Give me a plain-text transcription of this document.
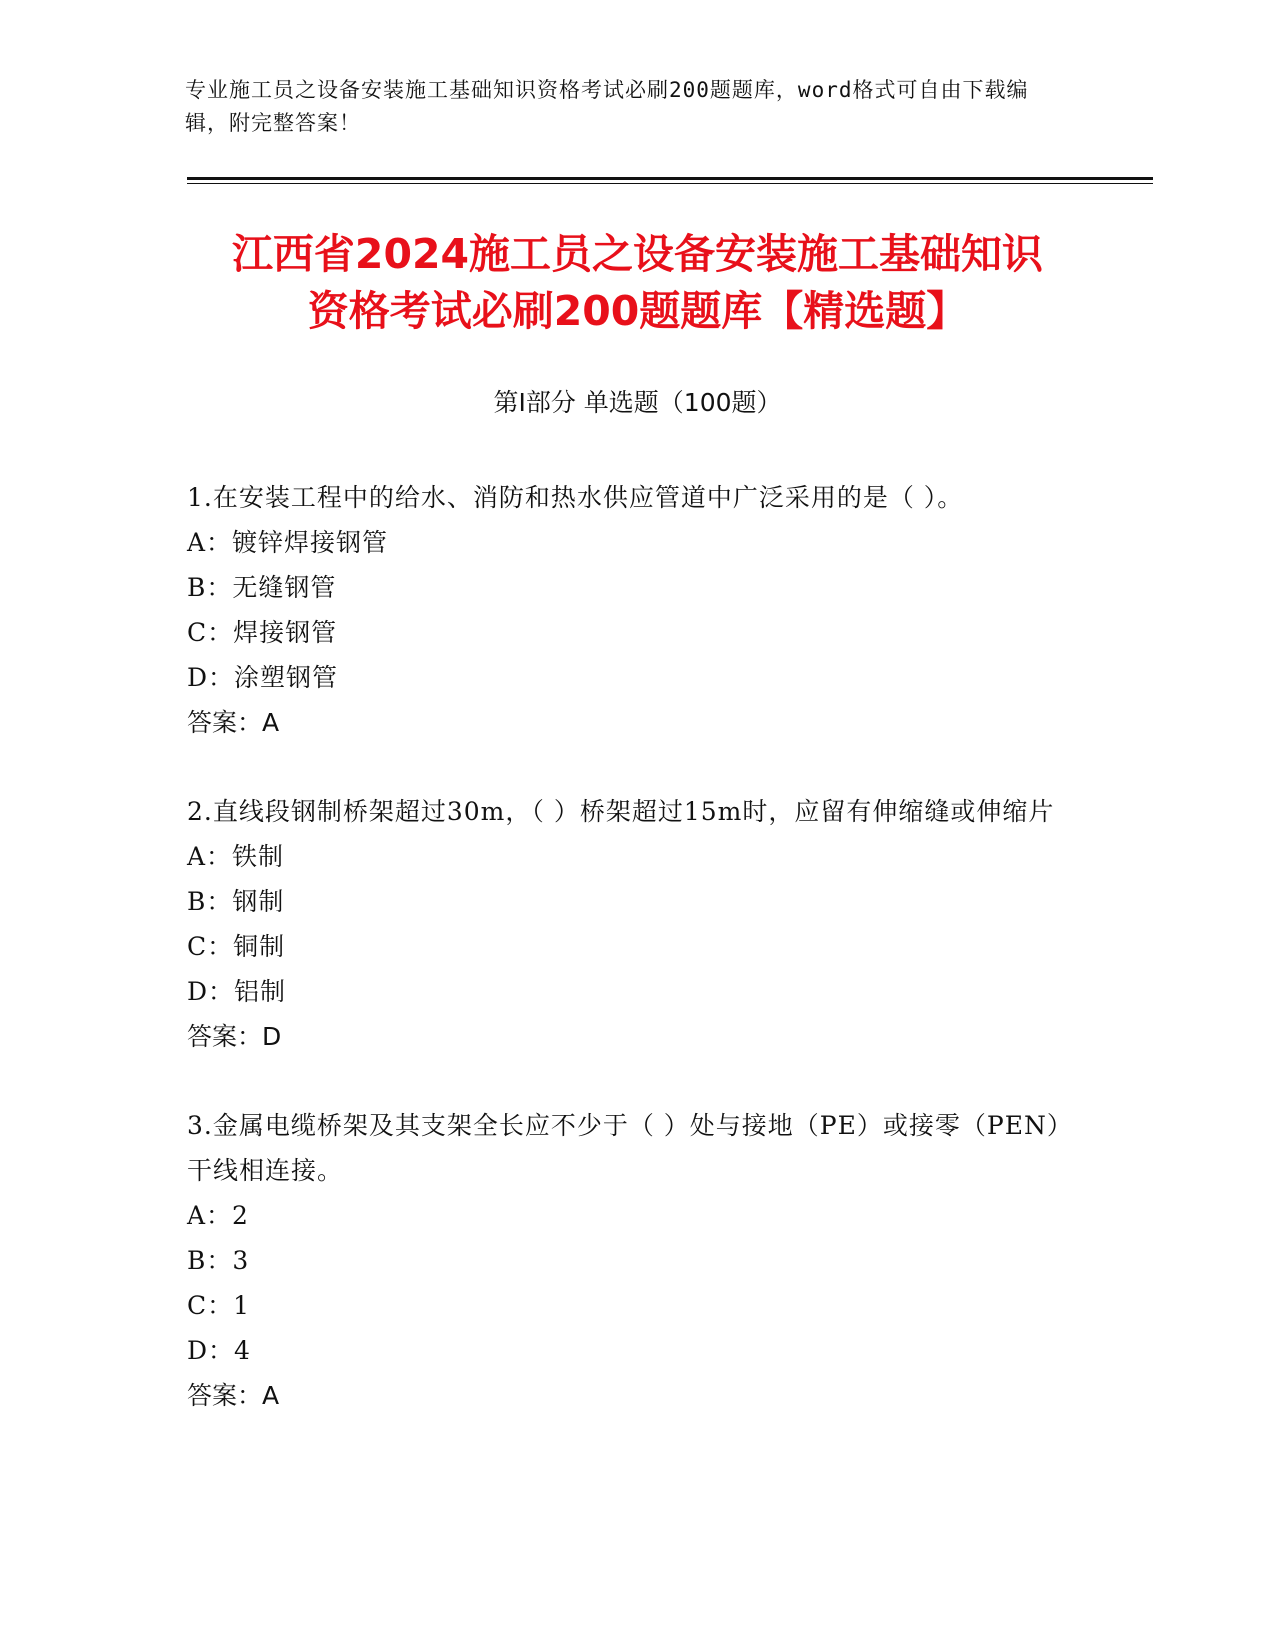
专业施工员之设备安装施工基础知识资格考试必刷200题题库，word格式可自由下载编辑，附完整答案！
江西省2024施工员之设备安装施工基础知识
资格考试必刷200题题库【精选题】
第Ⅰ部分 单选题（100题）
1.在安装工程中的给水、消防和热水供应管道中广泛采用的是（ ）。
A：镀锌焊接钢管
B：无缝钢管
C：焊接钢管
D：涂塑钢管
答案：A
2.直线段钢制桥架超过30m，（ ）桥架超过15m时，应留有伸缩缝或伸缩片
A：铁制
B：钢制
C：铜制
D：铝制
答案：D
3.金属电缆桥架及其支架全长应不少于（ ）处与接地（PE）或接零（PEN）干线相连接。
A：2
B：3
C：1
D：4
答案：A
